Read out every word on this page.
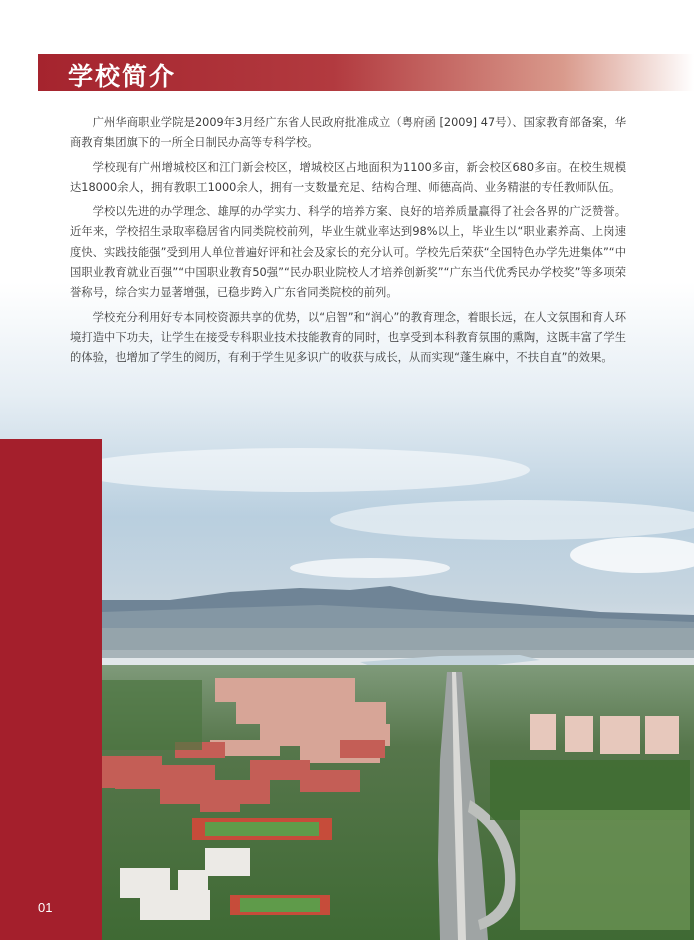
学校简介

广州华商职业学院是2009年3月经广东省人民政府批准成立（粤府函 [2009] 47号）、国家教育部备案，华商教育集团旗下的一所全日制民办高等专科学校。

学校现有广州增城校区和江门新会校区，增城校区占地面积为1100多亩，新会校区680多亩。在校生规模达18000余人，拥有教职工1000余人，拥有一支数量充足、结构合理、师德高尚、业务精湛的专任教师队伍。

学校以先进的办学理念、雄厚的办学实力、科学的培养方案、良好的培养质量赢得了社会各界的广泛赞誉。近年来，学校招生录取率稳居省内同类院校前列，毕业生就业率达到98%以上，毕业生以“职业素养高、上岗速度快、实践技能强”受到用人单位普遍好评和社会及家长的充分认可。学校先后荣获“全国特色办学先进集体”“中国职业教育就业百强”“中国职业教育50强”“民办职业院校人才培养创新奖”“广东当代优秀民办学校奖”等多项荣誉称号，综合实力显著增强，已稳步跨入广东省同类院校的前列。

学校充分利用好专本同校资源共享的优势，以“启智”和“润心”的教育理念，着眼长远，在人文氛围和育人环境打造中下功夫，让学生在接受专科职业技术技能教育的同时，也享受到本科教育氛围的熏陶，这既丰富了学生的体验，也增加了学生的阅历，有利于学生见多识广的收获与成长，从而实现“蓬生麻中，不扶自直”的效果。

01
